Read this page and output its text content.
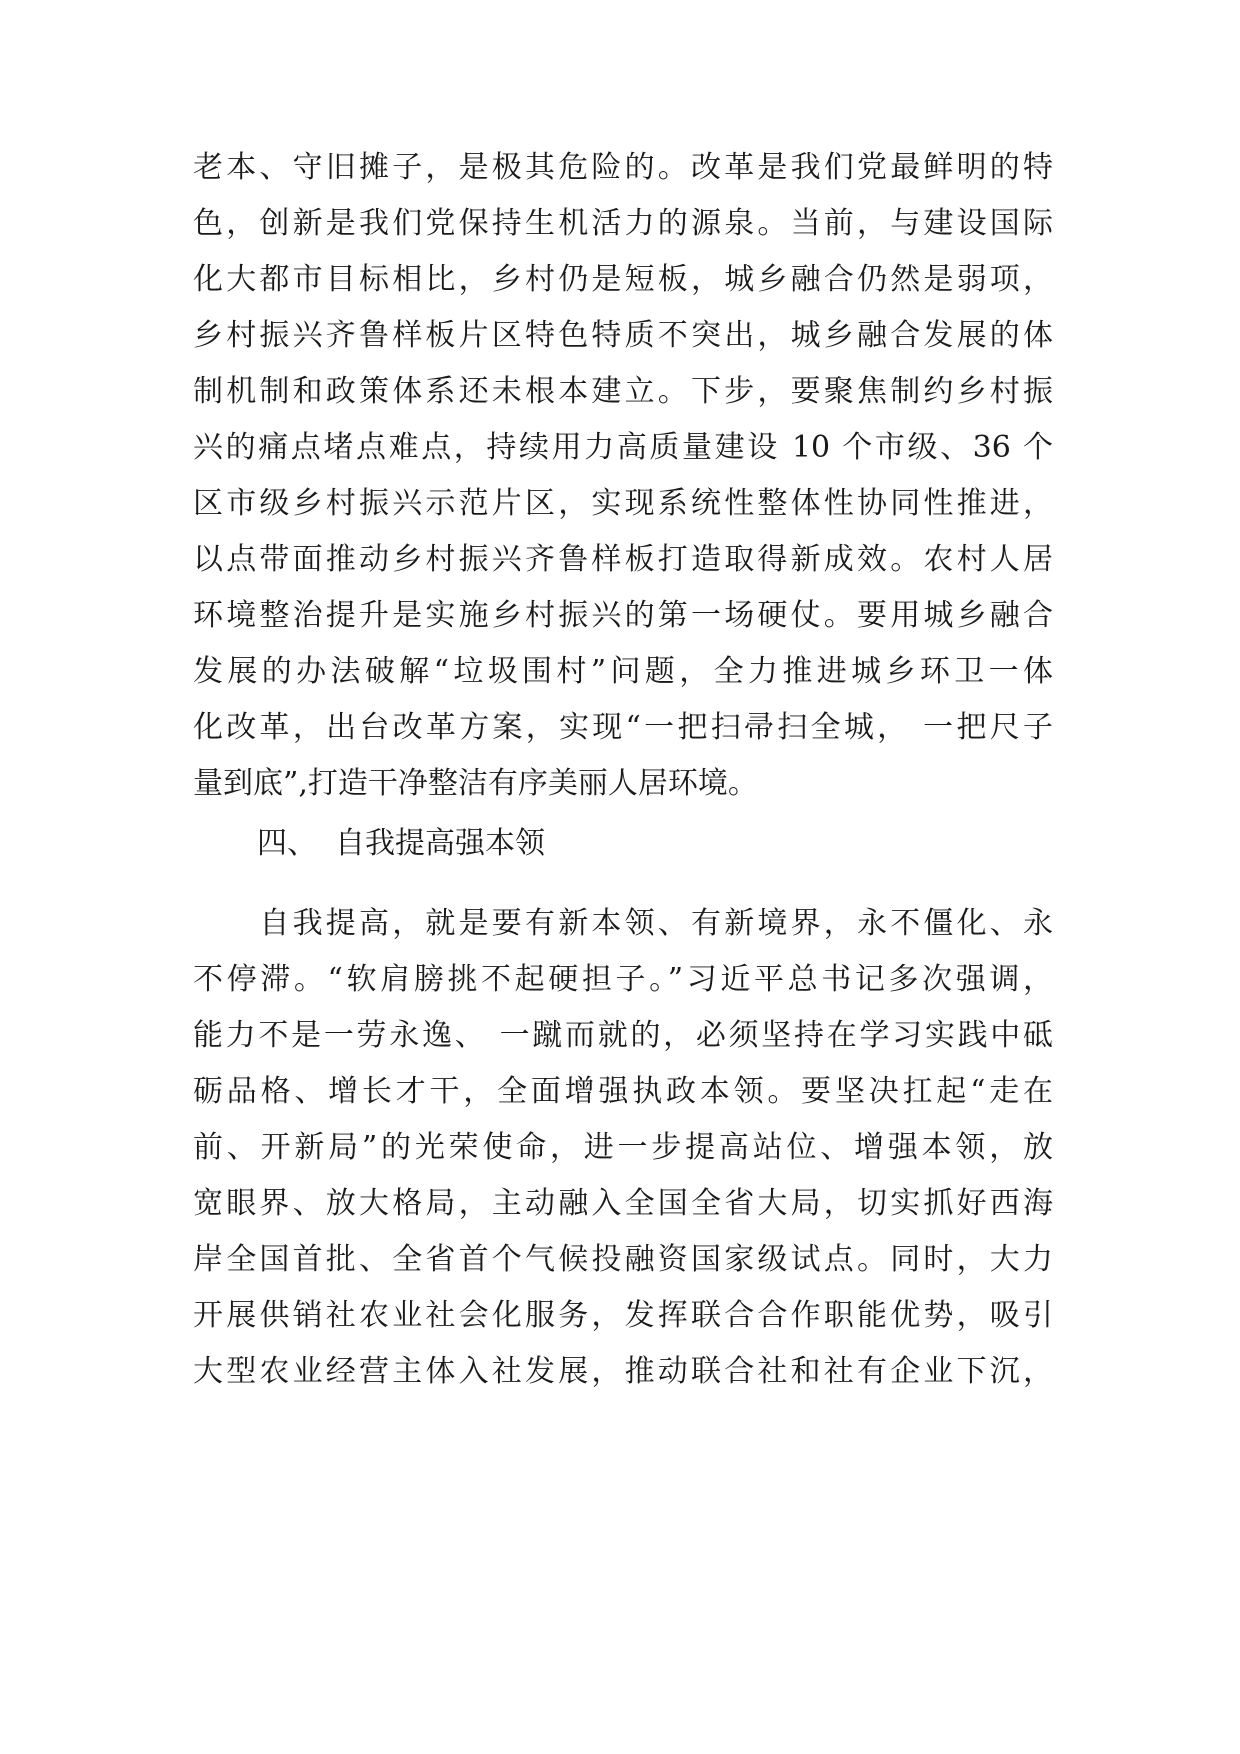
老本、守旧摊子，是极其危险的。改革是我们党最鲜明的特
色，创新是我们党保持生机活力的源泉。当前，与建设国际
化大都市目标相比，乡村仍是短板，城乡融合仍然是弱项，
乡村振兴齐鲁样板片区特色特质不突出，城乡融合发展的体
制机制和政策体系还未根本建立。下步，要聚焦制约乡村振
兴的痛点堵点难点，持续用力高质量建设 10 个市级、36 个
区市级乡村振兴示范片区，实现系统性整体性协同性推进，
以点带面推动乡村振兴齐鲁样板打造取得新成效。农村人居
环境整治提升是实施乡村振兴的第一场硬仗。要用城乡融合
发展的办法破解“垃圾围村”问题，全力推进城乡环卫一体
化改革，出台改革方案，实现“一把扫帚扫全城， 一把尺子
量到底”,打造干净整洁有序美丽人居环境。
四、 自我提高强本领
　　自我提高，就是要有新本领、有新境界，永不僵化、永
不停滞。“软肩膀挑不起硬担子。”习近平总书记多次强调，
能力不是一劳永逸、 一蹴而就的，必须坚持在学习实践中砥
砺品格、增长才干，全面增强执政本领。要坚决扛起“走在
前、开新局”的光荣使命，进一步提高站位、增强本领，放
宽眼界、放大格局，主动融入全国全省大局，切实抓好西海
岸全国首批、全省首个气候投融资国家级试点。同时，大力
开展供销社农业社会化服务，发挥联合合作职能优势，吸引
大型农业经营主体入社发展，推动联合社和社有企业下沉，
